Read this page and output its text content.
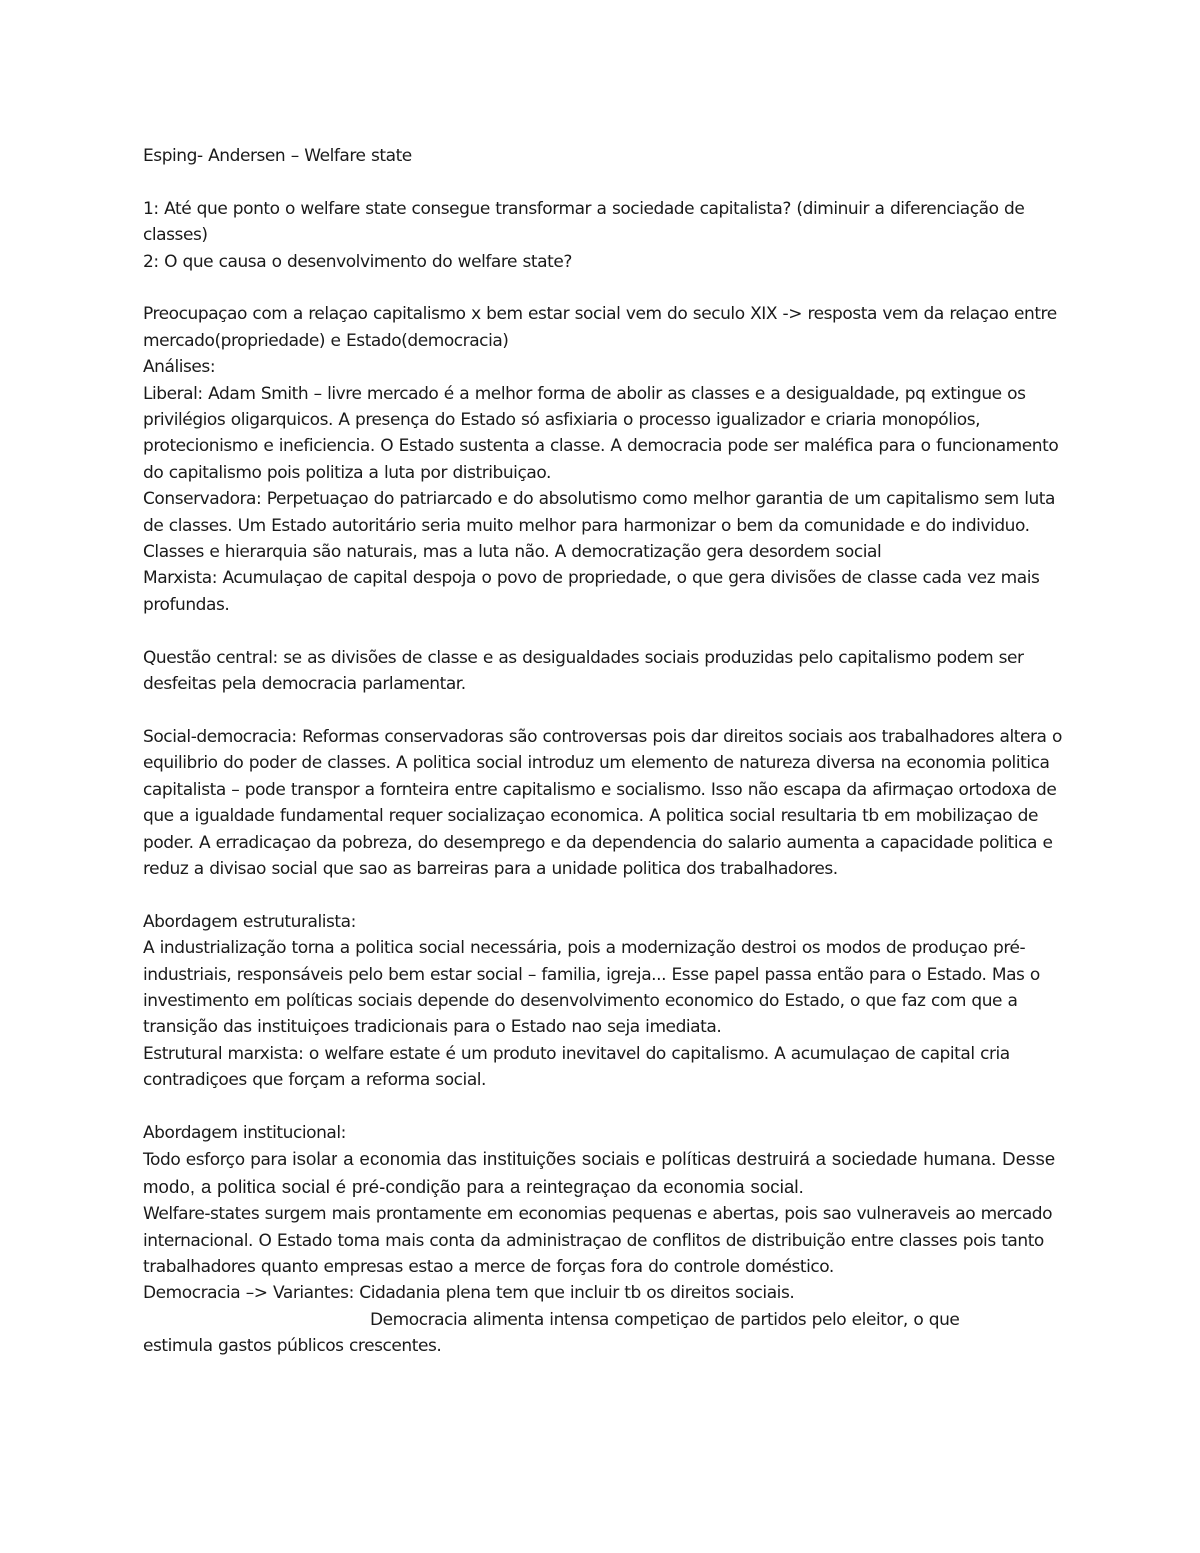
Esping- Andersen – Welfare state

1: Até que ponto o welfare state consegue transformar a sociedade capitalista? (diminuir a diferenciação de classes)

2: O que causa o desenvolvimento do welfare state?

Preocupaçao com a relaçao capitalismo x bem estar social vem do seculo XIX -> resposta vem da relaçao entre mercado(propriedade) e Estado(democracia)

Análises:

Liberal: Adam Smith – livre mercado é a melhor forma de abolir as classes e a desigualdade, pq extingue os privilégios oligarquicos. A presença do Estado só asfixiaria o processo igualizador e criaria monopólios, protecionismo e ineficiencia. O Estado sustenta a classe. A democracia pode ser maléfica para o funcionamento do capitalismo pois politiza a luta por distribuiçao.

Conservadora: Perpetuaçao do patriarcado e do absolutismo como melhor garantia de um capitalismo sem luta de classes. Um Estado autoritário seria muito melhor para harmonizar o bem da comunidade e do individuo. Classes e hierarquia são naturais, mas a luta não. A democratização gera desordem social

Marxista: Acumulaçao de capital despoja o povo de propriedade, o que gera divisões de classe cada vez mais profundas.

Questão central: se as divisões de classe e as desigualdades sociais produzidas pelo capitalismo podem ser desfeitas pela democracia parlamentar.

Social-democracia: Reformas conservadoras são controversas pois dar direitos sociais aos trabalhadores altera o equilibrio do poder de classes. A politica social introduz um elemento de natureza diversa na economia politica capitalista – pode transpor a fornteira entre capitalismo e socialismo. Isso não escapa da afirmaçao ortodoxa de que a igualdade fundamental requer socializaçao economica. A politica social resultaria tb em mobilizaçao de poder. A erradicaçao da pobreza, do desemprego e da dependencia do salario aumenta a capacidade politica e reduz a divisao social que sao as barreiras para a unidade politica dos trabalhadores.

Abordagem estruturalista:

A industrialização torna a politica social necessária, pois a modernização destroi os modos de produçao pré-industriais, responsáveis pelo bem estar social – familia, igreja... Esse papel passa então para o Estado. Mas o investimento em políticas sociais depende do desenvolvimento economico do Estado, o que faz com que a transição das instituiçoes tradicionais para o Estado nao seja imediata.

Estrutural marxista: o welfare estate é um produto inevitavel do capitalismo. A acumulaçao de capital cria contradiçoes que forçam a reforma social.

Abordagem institucional:

Todo esforço para isolar a economia das instituições sociais e políticas destruirá a sociedade humana. Desse modo, a politica social é pré-condição para a reintegraçao da economia social.

Welfare-states surgem mais prontamente em economias pequenas e abertas, pois sao vulneraveis ao mercado internacional. O Estado toma mais conta da administraçao de conflitos de distribuição entre classes pois tanto trabalhadores quanto empresas estao a merce de forças fora do controle doméstico.

Democracia –> Variantes: Cidadania plena tem que incluir tb os direitos sociais.

Democracia alimenta intensa competiçao de partidos pelo eleitor, o que

estimula gastos públicos crescentes.
